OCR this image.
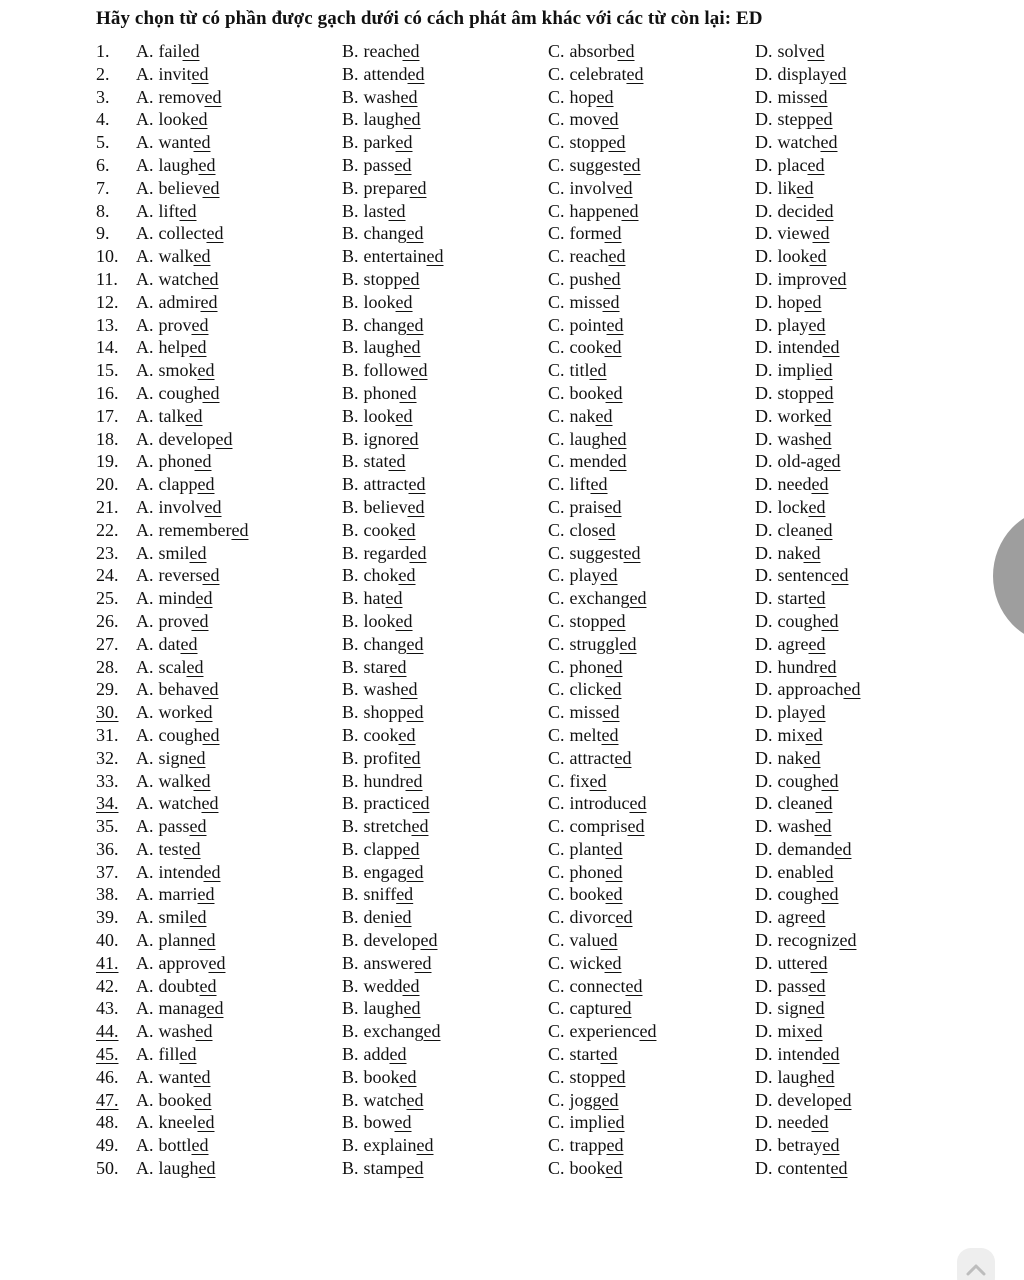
Hãy chọn từ có phần được gạch dưới có cách phát âm khác với các từ còn lại: ED
1. A. failed	B. reached	C. absorbed	D. solved
2. A. invited	B. attended	C. celebrated	D. displayed
3. A. removed	B. washed	C. hoped	D. missed
4. A. looked	B. laughed	C. moved	D. stepped
5. A. wanted	B. parked	C. stopped	D. watched
6. A. laughed	B. passed	C. suggested	D. placed
7. A. believed	B. prepared	C. involved	D. liked
8. A. lifted	B. lasted	C. happened	D. decided
9. A. collected	B. changed	C. formed	D. viewed
10. A. walked	B. entertained	C. reached	D. looked
11. A. watched	B. stopped	C. pushed	D. improved
12. A. admired	B. looked	C. missed	D. hoped
13. A. proved	B. changed	C. pointed	D. played
14. A. helped	B. laughed	C. cooked	D. intended
15. A. smoked	B. followed	C. titled	D. implied
16. A. coughed	B. phoned	C. booked	D. stopped
17. A. talked	B. looked	C. naked	D. worked
18. A. developed	B. ignored	C. laughed	D. washed
19. A. phoned	B. stated	C. mended	D. old-aged
20. A. clapped	B. attracted	C. lifted	D. needed
21. A. involved	B. believed	C. praised	D. locked
22. A. remembered	B. cooked	C. closed	D. cleaned
23. A. smiled	B. regarded	C. suggested	D. naked
24. A. reversed	B. choked	C. played	D. sentenced
25. A. minded	B. hated	C. exchanged	D. started
26. A. proved	B. looked	C. stopped	D. coughed
27. A. dated	B. changed	C. struggled	D. agreed
28. A. scaled	B. stared	C. phoned	D. hundred
29. A. behaved	B. washed	C. clicked	D. approached
30. A. worked	B. shopped	C. missed	D. played
31. A. coughed	B. cooked	C. melted	D. mixed
32. A. signed	B. profited	C. attracted	D. naked
33. A. walked	B. hundred	C. fixed	D. coughed
34. A. watched	B. practiced	C. introduced	D. cleaned
35. A. passed	B. stretched	C. comprised	D. washed
36. A. tested	B. clapped	C. planted	D. demanded
37. A. intended	B. engaged	C. phoned	D. enabled
38. A. married	B. sniffed	C. booked	D. coughed
39. A. smiled	B. denied	C. divorced	D. agreed
40. A. planned	B. developed	C. valued	D. recognized
41. A. approved	B. answered	C. wicked	D. uttered
42. A. doubted	B. wedded	C. connected	D. passed
43. A. managed	B. laughed	C. captured	D. signed
44. A. washed	B. exchanged	C. experienced	D. mixed
45. A. filled	B. added	C. started	D. intended
46. A. wanted	B. booked	C. stopped	D. laughed
47. A. booked	B. watched	C. jogged	D. developed
48. A. kneeled	B. bowed	C. implied	D. needed
49. A. bottled	B. explained	C. trapped	D. betrayed
50. A. laughed	B. stamped	C. booked	D. contented
